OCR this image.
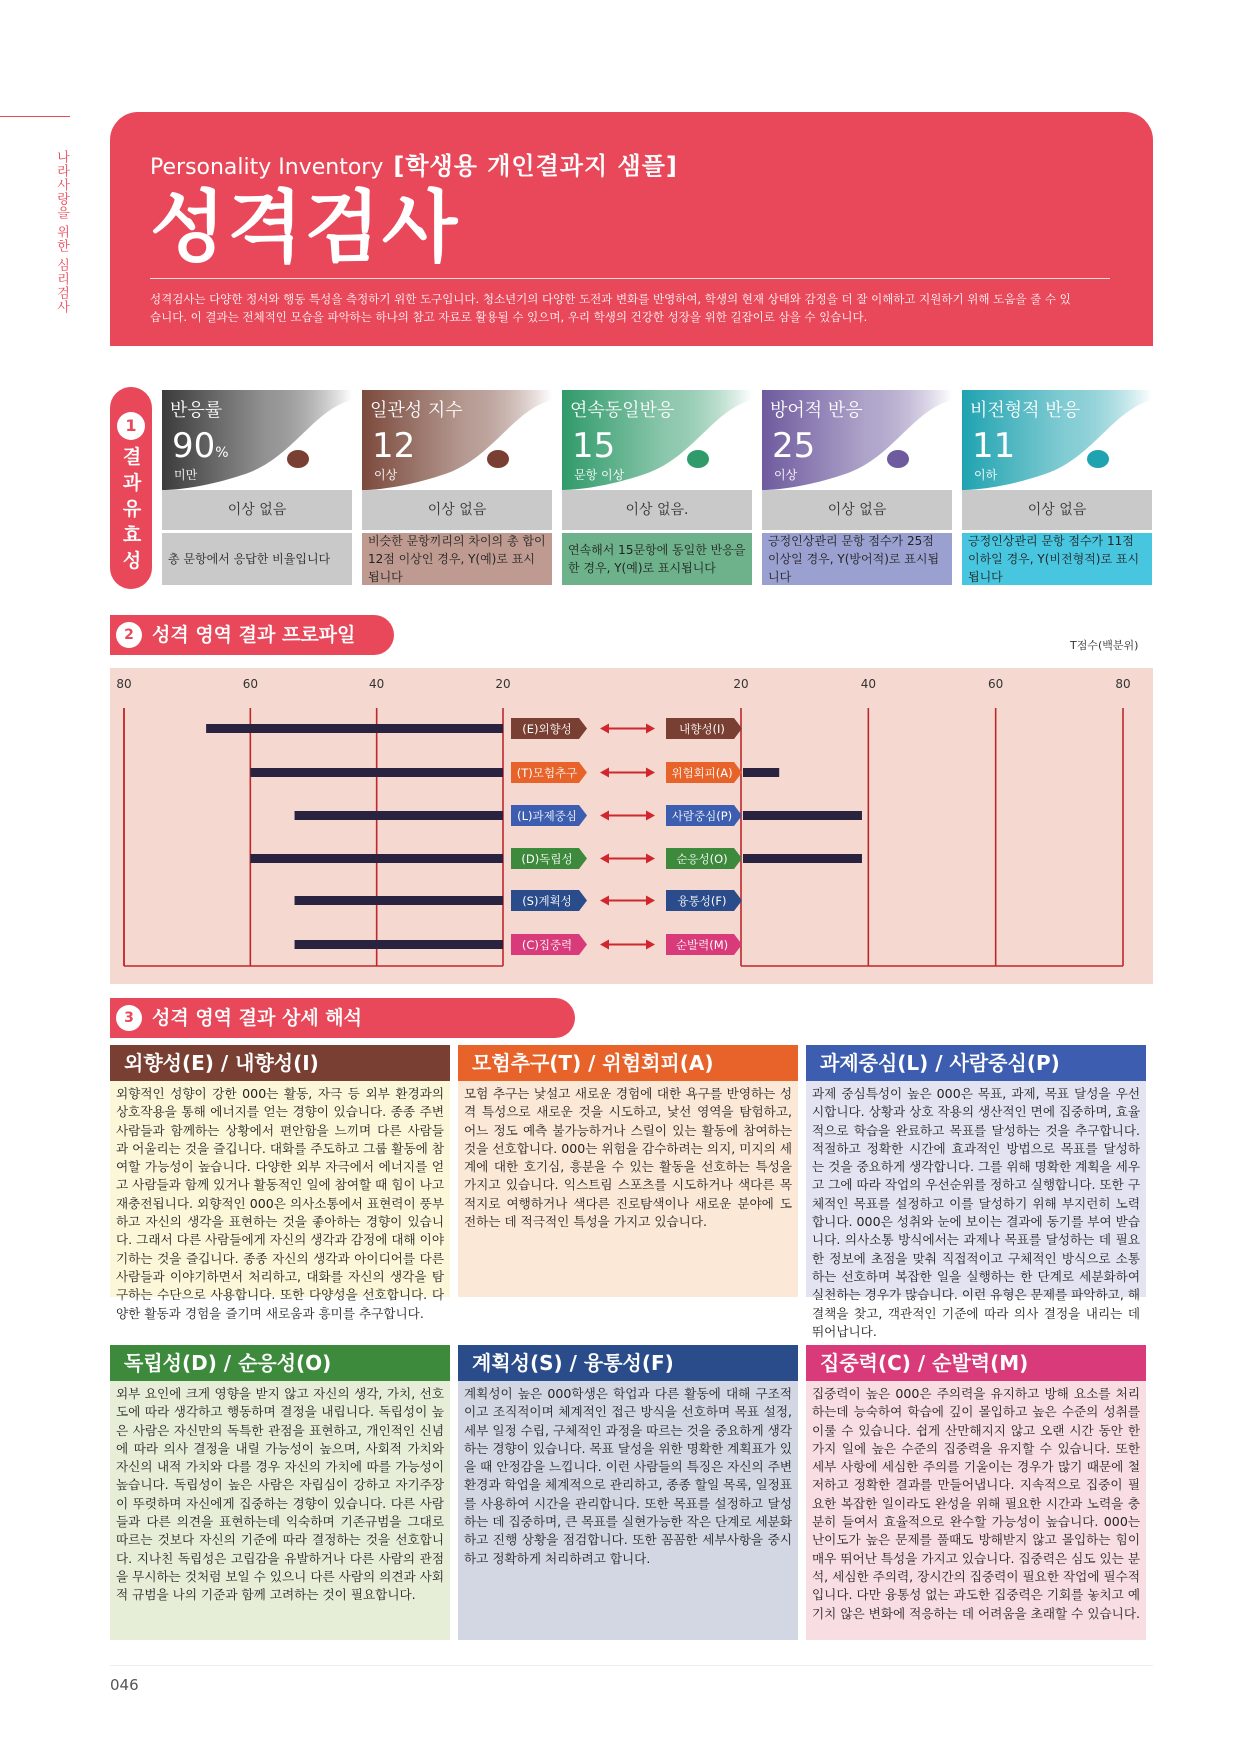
나라사랑을 위한 심리검사	Personality Inventory [학생용 개인결과지 샘플]
성격검사
성격검사는 다양한 정서와 행동 특성을 측정하기 위한 도구입니다. 청소년기의 다양한 도전과 변화를 반영하여, 학생의 현재 상태와 감정을 더 잘 이해하고 지원하기 위해 도움을 줄 수 있습니다. 이 결과는 전체적인 모습을 파악하는 하나의 참고 자료로 활용될 수 있으며, 우리 학생의 건강한 성장을 위한 길잡이로 삼을 수 있습니다.
1
결과유효성
반응률
90%
미만
이상 없음
총 문항에서 응답한 비율입니다
일관성 지수
12
이상
이상 없음
비슷한 문항끼리의 차이의 총 합이 12점 이상인 경우, Y(예)로 표시됩니다
연속동일반응
15
문항 이상
이상 없음.
연속해서 15문항에 동일한 반응을 한 경우, Y(예)로 표시됩니다
방어적 반응
25
이상
이상 없음
긍정인상관리 문항 점수가 25점 이상일 경우, Y(방어적)로 표시됩니다
비전형적 반응
11
이하
이상 없음
긍정인상관리 문항 점수가 11점 이하일 경우, Y(비전형적)로 표시됩니다
2 성격 영역 결과 프로파일	T점수(백분위)
80	60	40	20	20	40	60	80
(E)외향성	내향성(I)
(T)모험추구	위험회피(A)
(L)과제중심	사람중심(P)
(D)독립성	순응성(O)
(S)계획성	융통성(F)
(C)집중력	순발력(M)
3 성격 영역 결과 상세 해석
외향성(E) / 내향성(I)
외향적인 성향이 강한 000는 활동, 자극 등 외부 환경과의 상호작용을 통해 에너지를 얻는 경향이 있습니다. 종종 주변사람들과 함께하는 상황에서 편안함을 느끼며 다른 사람들과 어울리는 것을 즐깁니다. 대화를 주도하고 그룹 활동에 참여할 가능성이 높습니다. 다양한 외부 자극에서 에너지를 얻고 사람들과 함께 있거나 활동적인 일에 참여할 때 힘이 나고 재충전됩니다. 외향적인 000은 의사소통에서 표현력이 풍부하고 자신의 생각을 표현하는 것을 좋아하는 경향이 있습니다. 그래서 다른 사람들에게 자신의 생각과 감정에 대해 이야기하는 것을 즐깁니다. 종종 자신의 생각과 아이디어를 다른 사람들과 이야기하면서 처리하고, 대화를 자신의 생각을 탐구하는 수단으로 사용합니다. 또한 다양성을 선호합니다. 다양한 활동과 경험을 즐기며 새로움과 흥미를 추구합니다.
모험추구(T) / 위험회피(A)
모험 추구는 낯설고 새로운 경험에 대한 욕구를 반영하는 성격 특성으로 새로운 것을 시도하고, 낯선 영역을 탐험하고, 어느 정도 예측 불가능하거나 스릴이 있는 활동에 참여하는 것을 선호합니다. 000는 위험을 감수하려는 의지, 미지의 세계에 대한 호기심, 흥분을 수 있는 활동을 선호하는 특성을 가지고 있습니다. 익스트림 스포츠를 시도하거나 색다른 목적지로 여행하거나 색다른 진로탐색이나 새로운 분야에 도전하는 데 적극적인 특성을 가지고 있습니다.
과제중심(L) / 사람중심(P)
과제 중심특성이 높은 000은 목표, 과제, 목표 달성을 우선시합니다. 상황과 상호 작용의 생산적인 면에 집중하며, 효율적으로 학습을 완료하고 목표를 달성하는 것을 추구합니다. 적절하고 정확한 시간에 효과적인 방법으로 목표를 달성하는 것을 중요하게 생각합니다. 그를 위해 명확한 계획을 세우고 그에 따라 작업의 우선순위를 정하고 실행합니다. 또한 구체적인 목표를 설정하고 이를 달성하기 위해 부지런히 노력합니다. 000은 성취와 눈에 보이는 결과에 동기를 부여 받습니다. 의사소통 방식에서는 과제나 목표를 달성하는 데 필요한 정보에 초점을 맞춰 직접적이고 구체적인 방식으로 소통하는 선호하며 복잡한 일을 실행하는 한 단계로 세분화하여 실천하는 경우가 많습니다. 이런 유형은 문제를 파악하고, 해결책을 찾고, 객관적인 기준에 따라 의사 결정을 내리는 데 뛰어납니다.
독립성(D) / 순응성(O)
외부 요인에 크게 영향을 받지 않고 자신의 생각, 가치, 선호도에 따라 생각하고 행동하며 결정을 내립니다. 독립성이 높은 사람은 자신만의 독특한 관점을 표현하고, 개인적인 신념에 따라 의사 결정을 내릴 가능성이 높으며, 사회적 가치와 자신의 내적 가치와 다를 경우 자신의 가치에 따를 가능성이 높습니다. 독립성이 높은 사람은 자립심이 강하고 자기주장이 뚜렷하며 자신에게 집중하는 경향이 있습니다. 다른 사람들과 다른 의견을 표현하는데 익숙하며 기존규범을 그대로 따르는 것보다 자신의 기준에 따라 결정하는 것을 선호합니다. 지나친 독립성은 고립감을 유발하거나 다른 사람의 관점을 무시하는 것처럼 보일 수 있으니 다른 사람의 의견과 사회적 규범을 나의 기준과 함께 고려하는 것이 필요합니다.
계획성(S) / 융통성(F)
계획성이 높은 000학생은 학업과 다른 활동에 대해 구조적이고 조직적이며 체계적인 접근 방식을 선호하며 목표 설정, 세부 일정 수립, 구체적인 과정을 따르는 것을 중요하게 생각하는 경향이 있습니다. 목표 달성을 위한 명확한 계획표가 있을 때 안정감을 느낍니다. 이런 사람들의 특징은 자신의 주변 환경과 학업을 체계적으로 관리하고, 종종 할일 목록, 일정표를 사용하여 시간을 관리합니다. 또한 목표를 설정하고 달성하는 데 집중하며, 큰 목표를 실현가능한 작은 단계로 세분화하고 진행 상황을 점검합니다. 또한 꼼꼼한 세부사항을 중시하고 정확하게 처리하려고 합니다.
집중력(C) / 순발력(M)
집중력이 높은 000은 주의력을 유지하고 방해 요소를 처리하는데 능숙하여 학습에 깊이 몰입하고 높은 수준의 성취를 이룰 수 있습니다. 쉽게 산만해지지 않고 오랜 시간 동안 한 가지 일에 높은 수준의 집중력을 유지할 수 있습니다. 또한 세부 사항에 세심한 주의를 기울이는 경우가 많기 때문에 철저하고 정확한 결과를 만들어냅니다. 지속적으로 집중이 필요한 복잡한 일이라도 완성을 위해 필요한 시간과 노력을 충분히 들여서 효율적으로 완수할 가능성이 높습니다. 000는 난이도가 높은 문제를 풀때도 방해받지 않고 몰입하는 힘이 매우 뛰어난 특성을 가지고 있습니다. 집중력은 심도 있는 분석, 세심한 주의력, 장시간의 집중력이 필요한 작업에 필수적입니다. 다만 융통성 없는 과도한 집중력은 기회를 놓치고 예기치 않은 변화에 적응하는 데 어려움을 초래할 수 있습니다.
046
